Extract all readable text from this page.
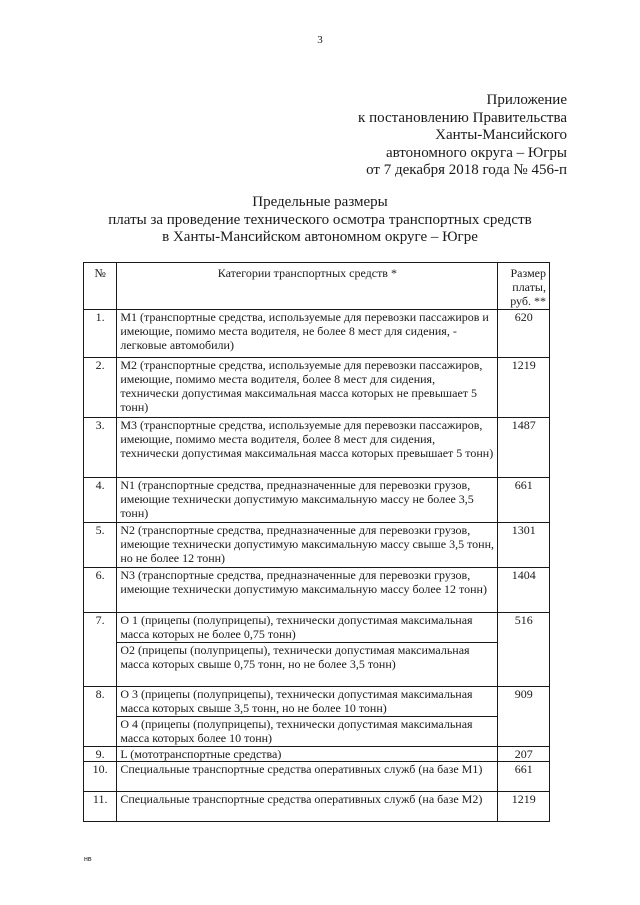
3
Приложение
к постановлению Правительства
Ханты-Мансийского
автономного округа – Югры
от 7 декабря 2018 года № 456-п
Предельные размеры
платы за проведение технического осмотра транспортных средств
в Ханты-Мансийском автономном округе – Югре
№	Категории транспортных средств *	Размер платы, руб. **
1.	M1 (транспортные средства, используемые для перевозки пассажиров и имеющие, помимо места водителя, не более 8 мест для сидения, - легковые автомобили)	620
2.	M2 (транспортные средства, используемые для перевозки пассажиров, имеющие, помимо места водителя, более 8 мест для сидения, технически допустимая максимальная масса которых не превышает 5 тонн)	1219
3.	M3 (транспортные средства, используемые для перевозки пассажиров, имеющие, помимо места водителя, более 8 мест для сидения, технически допустимая максимальная масса которых превышает 5 тонн)	1487
4.	N1 (транспортные средства, предназначенные для перевозки грузов, имеющие технически допустимую максимальную массу не более 3,5 тонн)	661
5.	N2 (транспортные средства, предназначенные для перевозки грузов, имеющие технически допустимую максимальную массу свыше 3,5 тонн, но не более 12 тонн)	1301
6.	N3 (транспортные средства, предназначенные для перевозки грузов, имеющие технически допустимую максимальную массу более 12 тонн)	1404
7.	O 1 (прицепы (полуприцепы), технически допустимая максимальная масса которых не более 0,75 тонн)	516
	O2 (прицепы (полуприцепы), технически допустимая максимальная масса которых свыше 0,75 тонн, но не более 3,5 тонн)	
8.	O 3 (прицепы (полуприцепы), технически допустимая максимальная масса которых свыше 3,5 тонн, но не более 10 тонн)	909
	O 4 (прицепы (полуприцепы), технически допустимая максимальная масса которых более 10 тонн)	
9.	L (мототранспортные средства)	207
10.	Специальные транспортные средства оперативных служб (на базе M1)	661
11.	Специальные транспортные средства оперативных служб (на базе M2)	1219
нв
